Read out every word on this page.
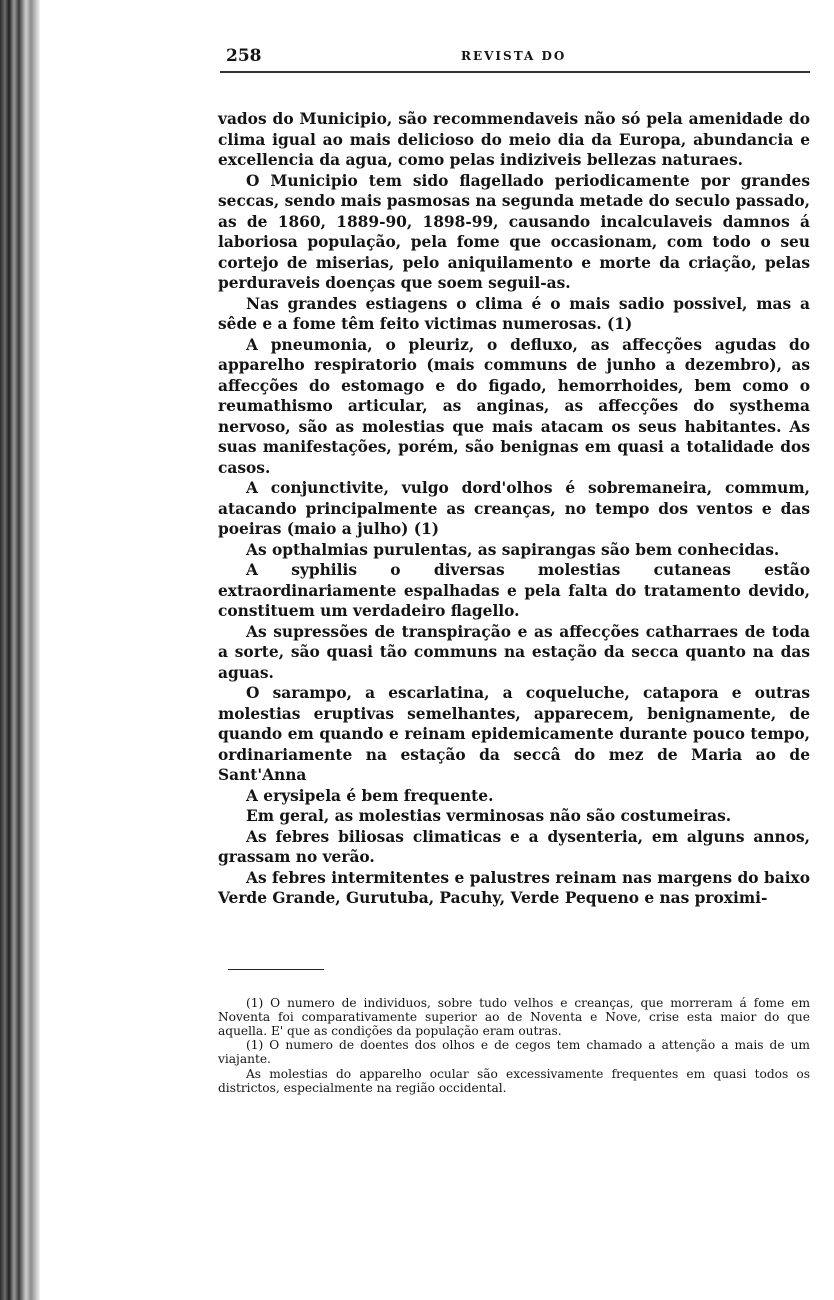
258	REVISTA DO

vados do Municipio, são recommendaveis não só pela amenidade do clima igual ao mais delicioso do meio dia da Europa, abundancia e excellencia da agua, como pelas indiziveis bellezas naturaes.

O Municipio tem sido flagellado periodicamente por grandes seccas, sendo mais pasmosas na segunda metade do seculo passado, as de 1860, 1889-90, 1898-99, causando incalculaveis damnos á laboriosa população, pela fome que occasionam, com todo o seu cortejo de miserias, pelo aniquilamento e morte da criação, pelas perduraveis doenças que soem seguil-as.

Nas grandes estiagens o clima é o mais sadio possivel, mas a sêde e a fome têm feito victimas numerosas. (1)

A pneumonia, o pleuriz, o defluxo, as affecções agudas do apparelho respiratorio (mais communs de junho a dezembro), as affecções do estomago e do figado, hemorrhoides, bem como o reumathismo articular, as anginas, as affecções do systhema nervoso, são as molestias que mais atacam os seus habitantes. As suas manifestações, porém, são benignas em quasi a totalidade dos casos.

A conjunctivite, vulgo dord'olhos é sobremaneira, commum, atacando principalmente as creanças, no tempo dos ventos e das poeiras (maio a julho) (1)

As opthalmias purulentas, as sapirangas são bem conhecidas.

A syphilis o diversas molestias cutaneas estão extraordinariamente espalhadas e pela falta do tratamento devido, constituem um verdadeiro flagello.

As supressões de transpiração e as affecções catharraes de toda a sorte, são quasi tão communs na estação da secca quanto na das aguas.

O sarampo, a escarlatina, a coqueluche, catapora e outras molestias eruptivas semelhantes, apparecem, benignamente, de quando em quando e reinam epidemicamente durante pouco tempo, ordinariamente na estação da seccâ do mez de Maria ao de Sant'Anna

A erysipela é bem frequente.

Em geral, as molestias verminosas não são costumeiras.

As febres biliosas climaticas e a dysenteria, em alguns annos, grassam no verão.

As febres intermitentes e palustres reinam nas margens do baixo Verde Grande, Gurutuba, Pacuhy, Verde Pequeno e nas proximi-

(1) O numero de individuos, sobre tudo velhos e creanças, que morreram á fome em Noventa foi comparativamente superior ao de Noventa e Nove, crise esta maior do que aquella. E' que as condições da população eram outras.

(1) O numero de doentes dos olhos e de cegos tem chamado a attenção a mais de um viajante.

As molestias do apparelho ocular são excessivamente frequentes em quasi todos os districtos, especialmente na região occidental.
